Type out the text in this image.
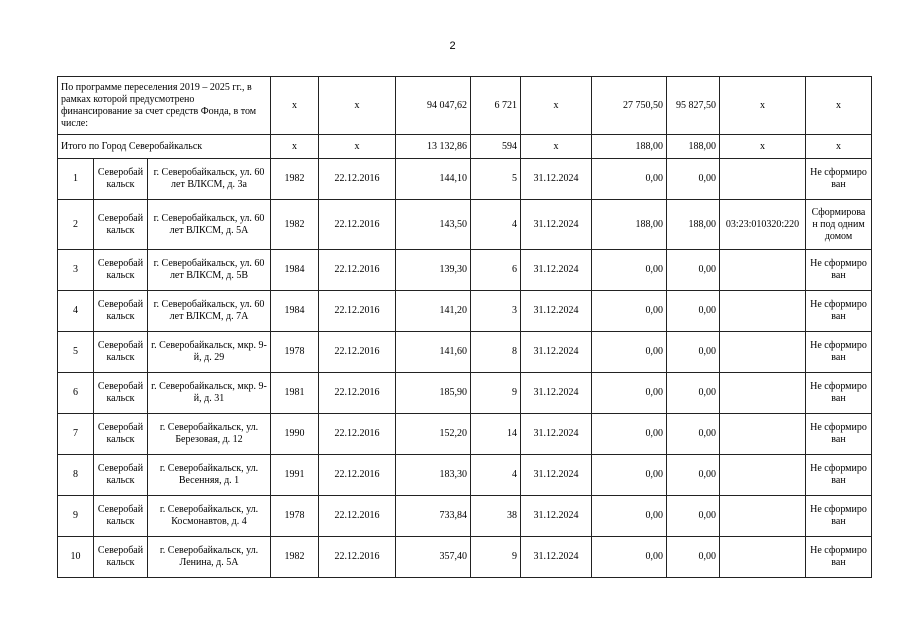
2
По программе переселения 2019 – 2025 гг., в рамках которой предусмотрено финансирование за счет средств Фонда, в том числе:			х	х	94 047,62	6 721	х	27 750,50	95 827,50	х	х
Итого по Город Северобайкальск			х	х	13 132,86	594	х	188,00	188,00	х	х
1	Северобайкальск	г. Северобайкальск, ул. 60 лет ВЛКСМ, д. 3а	1982	22.12.2016	144,10	5	31.12.2024	0,00	0,00		Не сформирован
2	Северобайкальск	г. Северобайкальск, ул. 60 лет ВЛКСМ, д. 5А	1982	22.12.2016	143,50	4	31.12.2024	188,00	188,00	03:23:010320:220	Сформирован под одним домом
3	Северобайкальск	г. Северобайкальск, ул. 60 лет ВЛКСМ, д. 5В	1984	22.12.2016	139,30	6	31.12.2024	0,00	0,00		Не сформирован
4	Северобайкальск	г. Северобайкальск, ул. 60 лет ВЛКСМ, д. 7А	1984	22.12.2016	141,20	3	31.12.2024	0,00	0,00		Не сформирован
5	Северобайкальск	г. Северобайкальск, мкр. 9-й, д. 29	1978	22.12.2016	141,60	8	31.12.2024	0,00	0,00		Не сформирован
6	Северобайкальск	г. Северобайкальск, мкр. 9-й, д. 31	1981	22.12.2016	185,90	9	31.12.2024	0,00	0,00		Не сформирован
7	Северобайкальск	г. Северобайкальск, ул. Березовая, д. 12	1990	22.12.2016	152,20	14	31.12.2024	0,00	0,00		Не сформирован
8	Северобайкальск	г. Северобайкальск, ул. Весенняя, д. 1	1991	22.12.2016	183,30	4	31.12.2024	0,00	0,00		Не сформирован
9	Северобайкальск	г. Северобайкальск, ул. Космонавтов, д. 4	1978	22.12.2016	733,84	38	31.12.2024	0,00	0,00		Не сформирован
10	Северобайкальск	г. Северобайкальск, ул. Ленина, д. 5А	1982	22.12.2016	357,40	9	31.12.2024	0,00	0,00		Не сформирован
